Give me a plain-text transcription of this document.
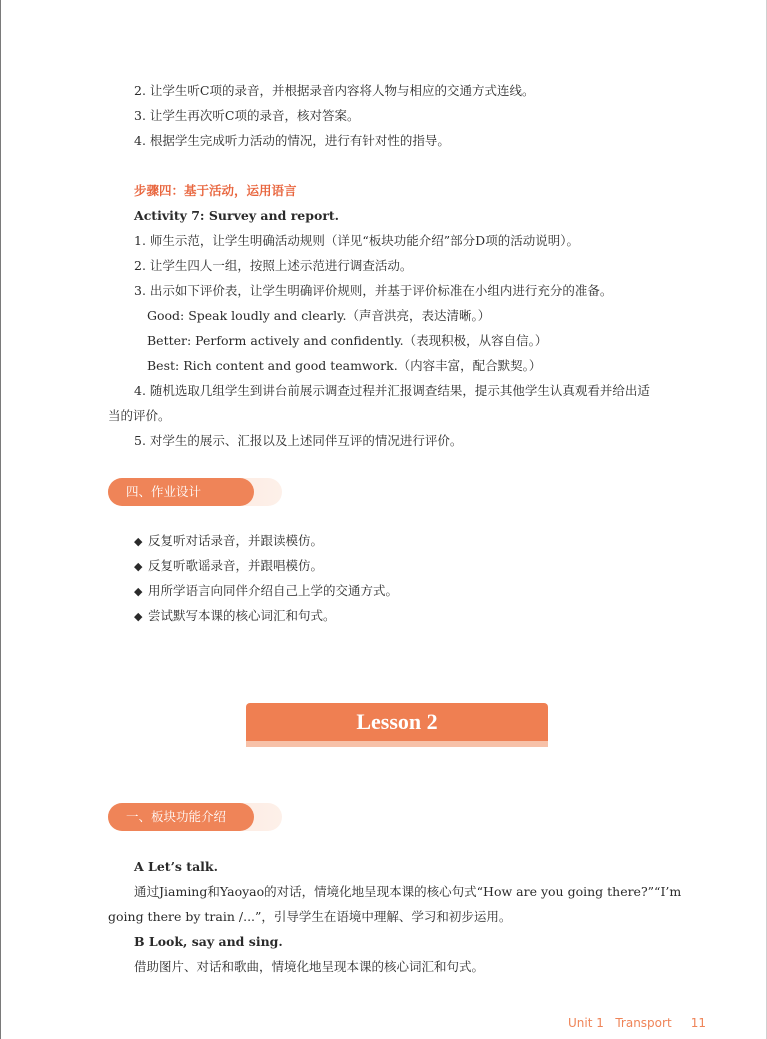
2. 让学生听C项的录音，并根据录音内容将人物与相应的交通方式连线。
3. 让学生再次听C项的录音，核对答案。
4. 根据学生完成听力活动的情况，进行有针对性的指导。
步骤四：基于活动，运用语言
Activity 7: Survey and report.
1. 师生示范，让学生明确活动规则（详见“板块功能介绍”部分D项的活动说明）。
2. 让学生四人一组，按照上述示范进行调查活动。
3. 出示如下评价表，让学生明确评价规则，并基于评价标准在小组内进行充分的准备。
Good: Speak loudly and clearly.（声音洪亮，表达清晰。）
Better: Perform actively and confidently.（表现积极，从容自信。）
Best: Rich content and good teamwork.（内容丰富，配合默契。）
4. 随机选取几组学生到讲台前展示调查过程并汇报调查结果，提示其他学生认真观看并给出适
当的评价。
5. 对学生的展示、汇报以及上述同伴互评的情况进行评价。
四、作业设计
◆ 反复听对话录音，并跟读模仿。
◆ 反复听歌谣录音，并跟唱模仿。
◆ 用所学语言向同伴介绍自己上学的交通方式。
◆ 尝试默写本课的核心词汇和句式。
Lesson 2
一、板块功能介绍
A Let’s talk.
通过Jiaming和Yaoyao的对话，情境化地呈现本课的核心句式“How are you going there?”“I’m
going there by train /...”，引导学生在语境中理解、学习和初步运用。
B Look, say and sing.
借助图片、对话和歌曲，情境化地呈现本课的核心词汇和句式。
Unit 1 Transport 11
